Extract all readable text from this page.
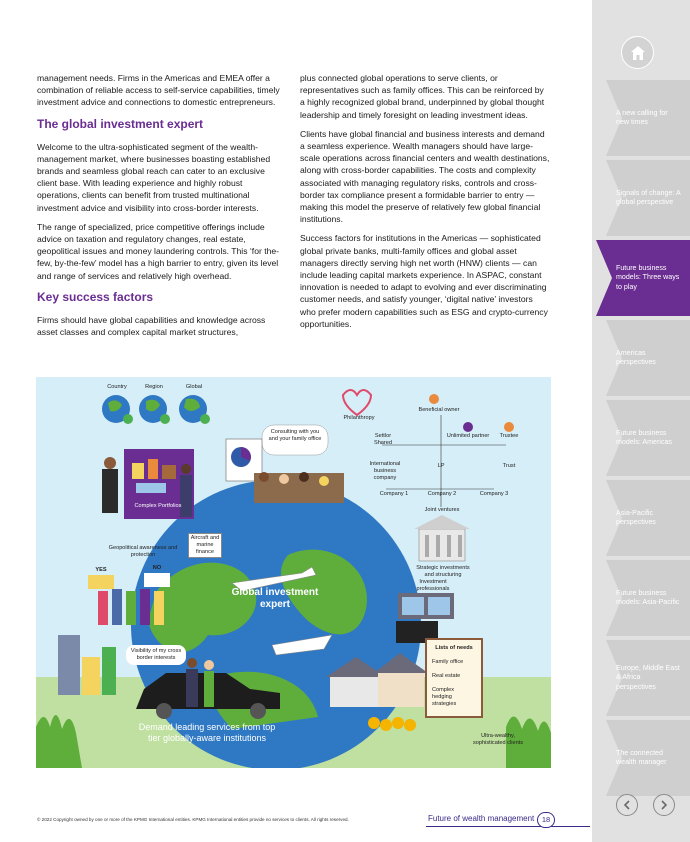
management needs. Firms in the Americas and EMEA offer a combination of reliable access to self-service capabilities, timely investment advice and connections to domestic entrepreneurs.

The global investment expert

Welcome to the ultra-sophisticated segment of the wealth-management market, where businesses boasting established brands and seamless global reach can cater to an exclusive client base. With leading experience and highly robust operations, clients can benefit from trusted multinational investment advice and visibility into cross-border interests.

The range of specialized, price competitive offerings include advice on taxation and regulatory changes, real estate, geopolitical issues and money laundering controls. This ‘for the-few, by-the-few’ model has a high barrier to entry, given its level and range of services and relatively high overhead.

Key success factors

Firms should have global capabilities and knowledge across asset classes and complex capital market structures,

plus connected global operations to serve clients, or representatives such as family offices. This can be reinforced by a highly recognized global brand, underpinned by global thought leadership and timely foresight on leading investment ideas.

Clients have global financial and business interests and demand a seamless experience. Wealth managers should have large-scale operations across financial centers and wealth destinations, along with cross-border capabilities. The costs and complexity associated with managing regulatory risks, controls and cross-border tax compliance present a formidable barrier to entry — making this model the preserve of relatively few global financial institutions.

Success factors for institutions in the Americas — sophisticated global private banks, multi-family offices and global asset managers directly serving high net worth (HNW) clients — can include leading capital markets experience. In ASPAC, constant innovation is needed to adapt to evolving and ever discriminating customer needs, and satisfy younger, ‘digital native’ investors who prefer modern capabilities such as ESG and crypto-currency opportunities.

Country	Region	Global
Complex Portfolios
Consulting with you and your family office
Philanthropy
Beneficial owner
Settlor Shared
Unlimited partner	Trustee
International business company
LP	Trust
Company 1	Company 2	Company 3
Joint ventures
Aircraft and marine finance
Geopolitical awareness and protection
YES	NO
Global investment expert
Strategic investments and structuring
Investment professionals
Visibility of my cross border interests
Lists of needs
Family office
Real estate
Complex hedging strategies
Ultra-wealthy, sophisticated clients
Demand leading services from top tier globally-aware institutions
© 2022 Copyright owned by one or more of the KPMG International entities. KPMG International entities provide no services to clients. All rights reserved.	Future of wealth management	18
A new calling for new times
Signals of change: A global perspective
Future business models: Three ways to play
Americas perspectives
Future business models: Americas
Asia-Pacific perspectives
Future business models: Asia-Pacific
Europe, Middle East & Africa perspectives
The connected wealth manager
